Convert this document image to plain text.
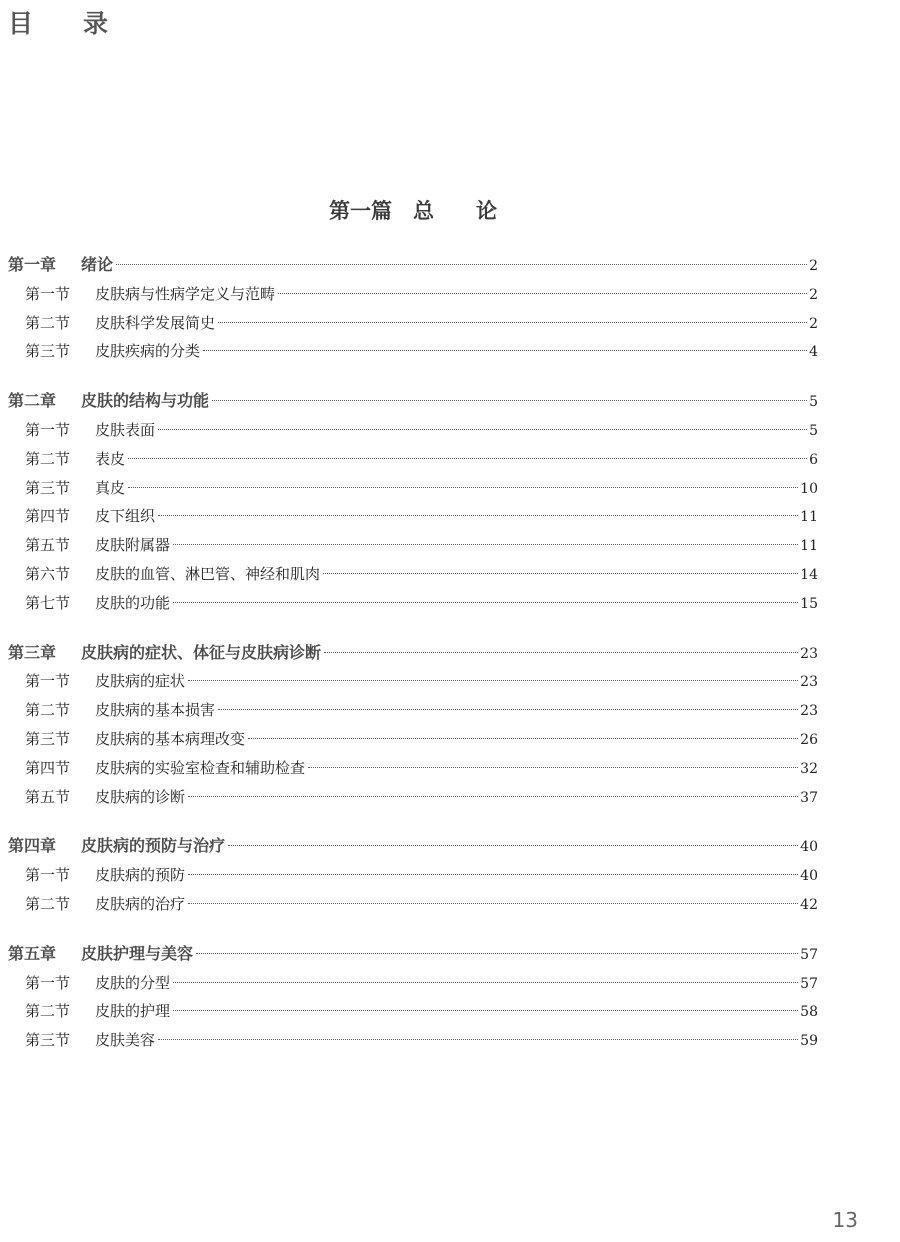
目 录
第一篇　总　　论
第一章 绪论	2
第一节 皮肤病与性病学定义与范畴	2
第二节 皮肤科学发展简史	2
第三节 皮肤疾病的分类	4
第二章 皮肤的结构与功能	5
第一节 皮肤表面	5
第二节 表皮	6
第三节 真皮	10
第四节 皮下组织	11
第五节 皮肤附属器	11
第六节 皮肤的血管、淋巴管、神经和肌肉	14
第七节 皮肤的功能	15
第三章 皮肤病的症状、体征与皮肤病诊断	23
第一节 皮肤病的症状	23
第二节 皮肤病的基本损害	23
第三节 皮肤病的基本病理改变	26
第四节 皮肤病的实验室检查和辅助检查	32
第五节 皮肤病的诊断	37
第四章 皮肤病的预防与治疗	40
第一节 皮肤病的预防	40
第二节 皮肤病的治疗	42
第五章 皮肤护理与美容	57
第一节 皮肤的分型	57
第二节 皮肤的护理	58
第三节 皮肤美容	59
13
